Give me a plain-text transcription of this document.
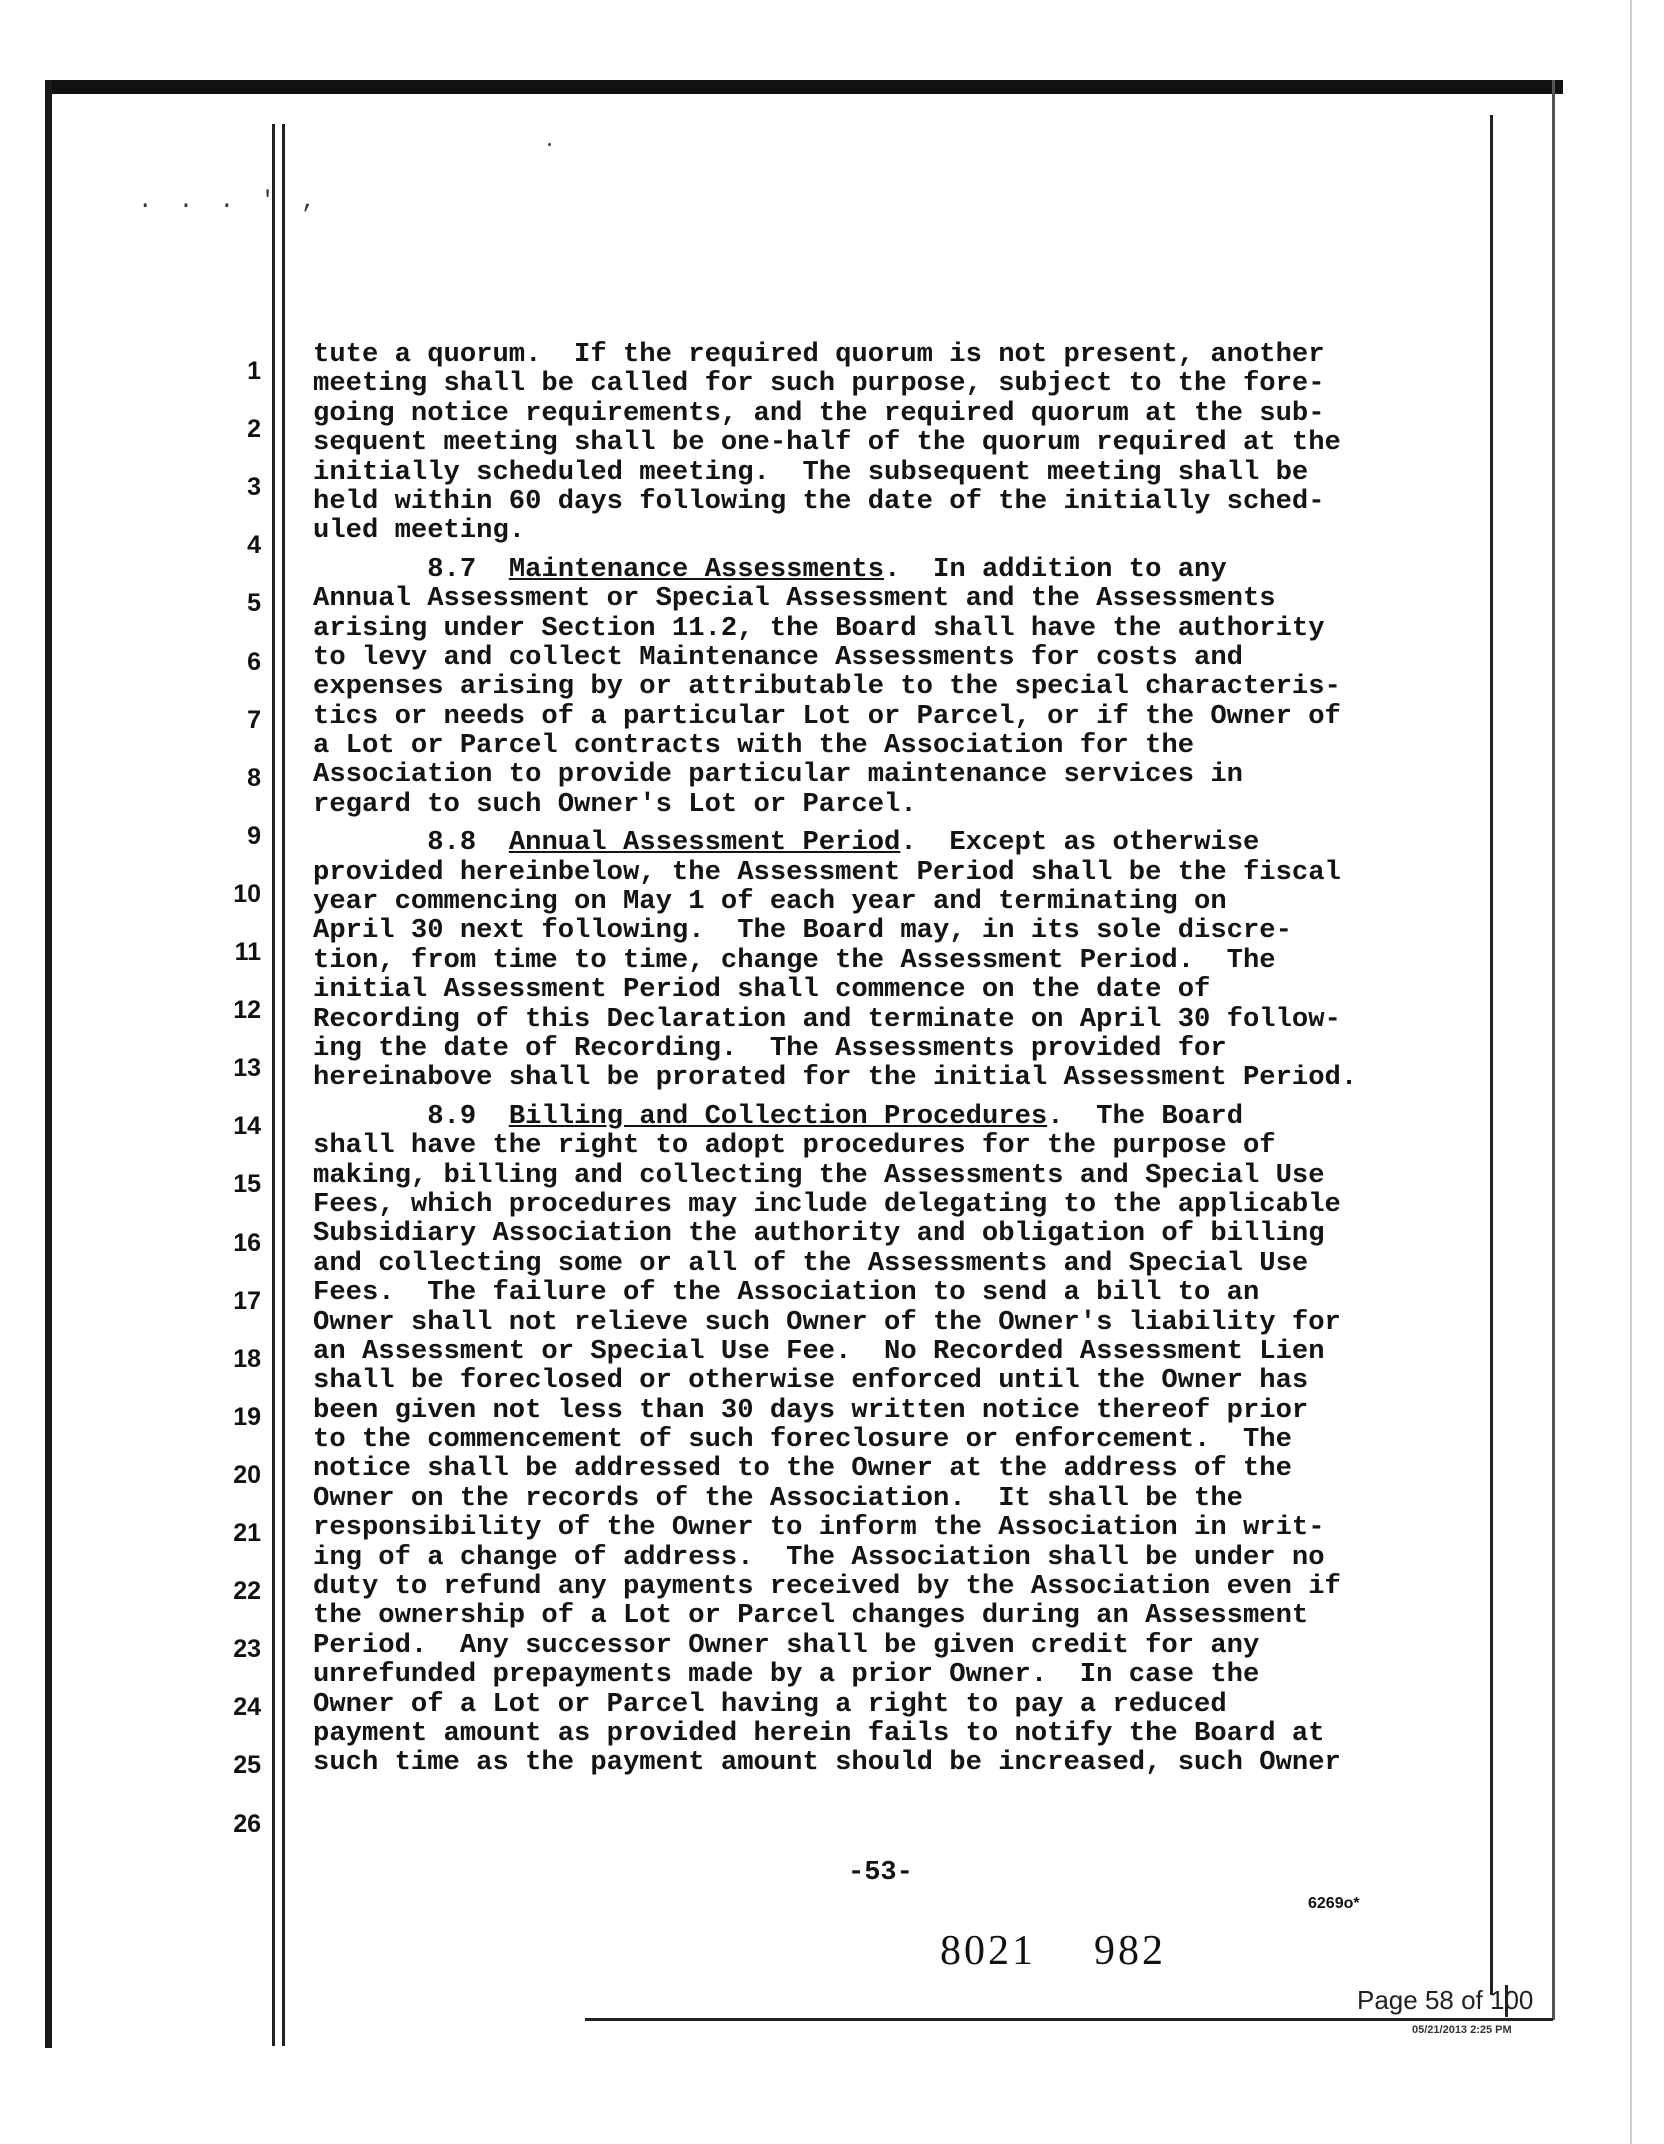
. . . ' ,
1
2
3
4
5
6
7
8
9
10
11
12
13
14
15
16
17
18
19
20
21
22
23
24
25
26
tute a quorum.  If the required quorum is not present, another
meeting shall be called for such purpose, subject to the fore-
going notice requirements, and the required quorum at the sub-
sequent meeting shall be one-half of the quorum required at the
initially scheduled meeting.  The subsequent meeting shall be
held within 60 days following the date of the initially sched-
uled meeting.
8.7 Maintenance Assessments.  In addition to any
Annual Assessment or Special Assessment and the Assessments
arising under Section 11.2, the Board shall have the authority
to levy and collect Maintenance Assessments for costs and
expenses arising by or attributable to the special characteris-
tics or needs of a particular Lot or Parcel, or if the Owner of
a Lot or Parcel contracts with the Association for the
Association to provide particular maintenance services in
regard to such Owner's Lot or Parcel.
8.8 Annual Assessment Period.  Except as otherwise
provided hereinbelow, the Assessment Period shall be the fiscal
year commencing on May 1 of each year and terminating on
April 30 next following.  The Board may, in its sole discre-
tion, from time to time, change the Assessment Period.  The
initial Assessment Period shall commence on the date of
Recording of this Declaration and terminate on April 30 follow-
ing the date of Recording.  The Assessments provided for
hereinabove shall be prorated for the initial Assessment Period.
8.9 Billing and Collection Procedures.  The Board
shall have the right to adopt procedures for the purpose of
making, billing and collecting the Assessments and Special Use
Fees, which procedures may include delegating to the applicable
Subsidiary Association the authority and obligation of billing
and collecting some or all of the Assessments and Special Use
Fees.  The failure of the Association to send a bill to an
Owner shall not relieve such Owner of the Owner's liability for
an Assessment or Special Use Fee.  No Recorded Assessment Lien
shall be foreclosed or otherwise enforced until the Owner has
been given not less than 30 days written notice thereof prior
to the commencement of such foreclosure or enforcement.  The
notice shall be addressed to the Owner at the address of the
Owner on the records of the Association.  It shall be the
responsibility of the Owner to inform the Association in writ-
ing of a change of address.  The Association shall be under no
duty to refund any payments received by the Association even if
the ownership of a Lot or Parcel changes during an Assessment
Period.  Any successor Owner shall be given credit for any
unrefunded prepayments made by a prior Owner.  In case the
Owner of a Lot or Parcel having a right to pay a reduced
payment amount as provided herein fails to notify the Board at
such time as the payment amount should be increased, such Owner
-53-
6269o*
8021 982
Page 58 of 100
05/21/2013 2:25 PM
